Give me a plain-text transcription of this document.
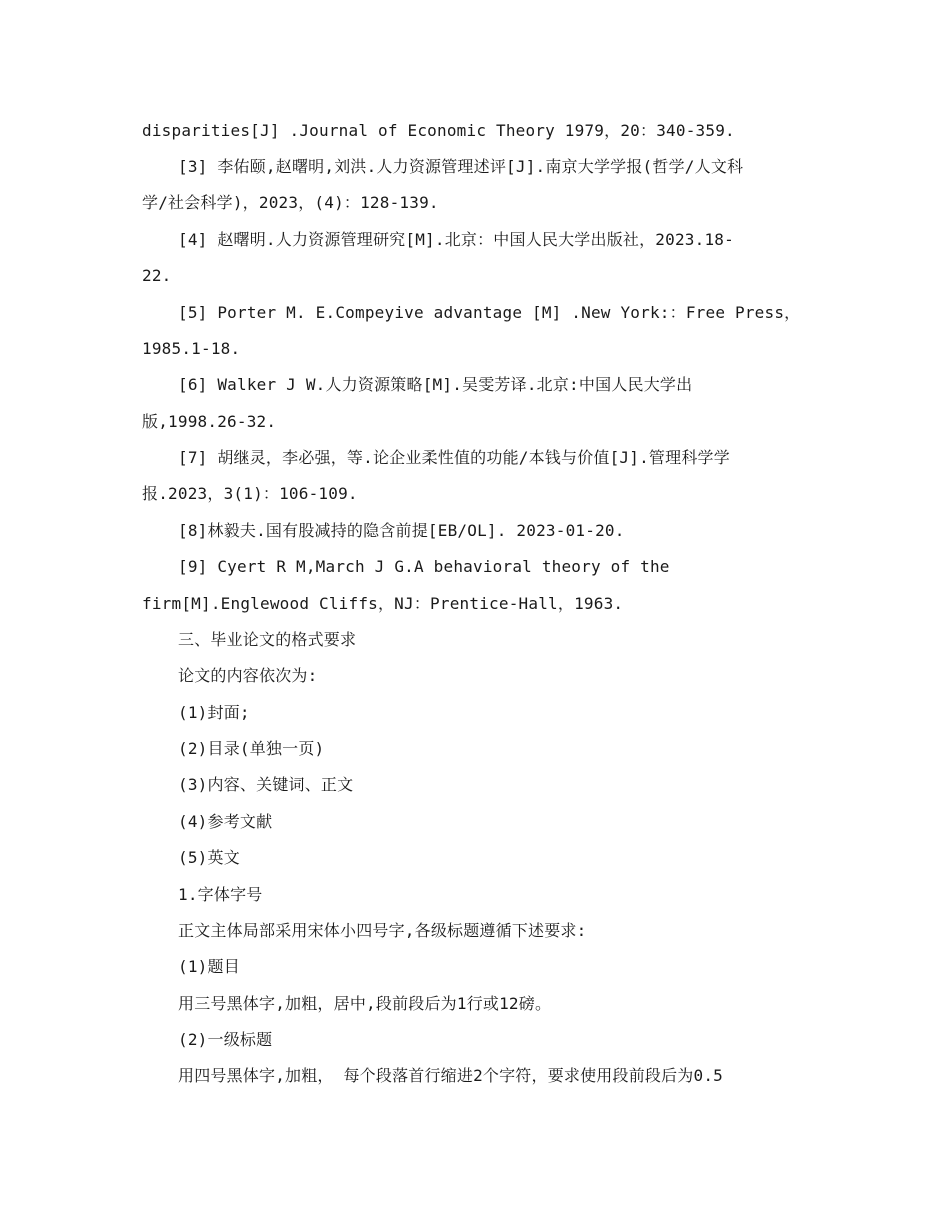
disparities[J] .Journal of Economic Theory 1979，20：340-359.
[3] 李佑颐,赵曙明,刘洪.人力资源管理述评[J].南京大学学报(哲学/人文科
学/社会科学)，2023，(4)：128-139.
[4] 赵曙明.人力资源管理研究[M].北京：中国人民大学出版社，2023.18-
22.
[5] Porter M. E.Compeyive advantage [M] .New York:：Free Press，
1985.1-18.
[6] Walker J W.人力资源策略[M].吴雯芳译.北京:中国人民大学出
版,1998.26-32.
[7] 胡继灵，李必强，等.论企业柔性值的功能/本钱与价值[J].管理科学学
报.2023，3(1)：106-109.
[8]林毅夫.国有股减持的隐含前提[EB/OL]. 2023-01-20.
[9] Cyert R M,March J G.A behavioral theory of the
firm[M].Englewood Cliffs，NJ：Prentice-Hall，1963.
三、毕业论文的格式要求
论文的内容依次为:
(1)封面;
(2)目录(单独一页)
(3)内容、关键词、正文
(4)参考文献
(5)英文
1.字体字号
正文主体局部采用宋体小四号字,各级标题遵循下述要求:
(1)题目
用三号黑体字,加粗，居中,段前段后为1行或12磅。
(2)一级标题
用四号黑体字,加粗， 每个段落首行缩进2个字符，要求使用段前段后为0.5
